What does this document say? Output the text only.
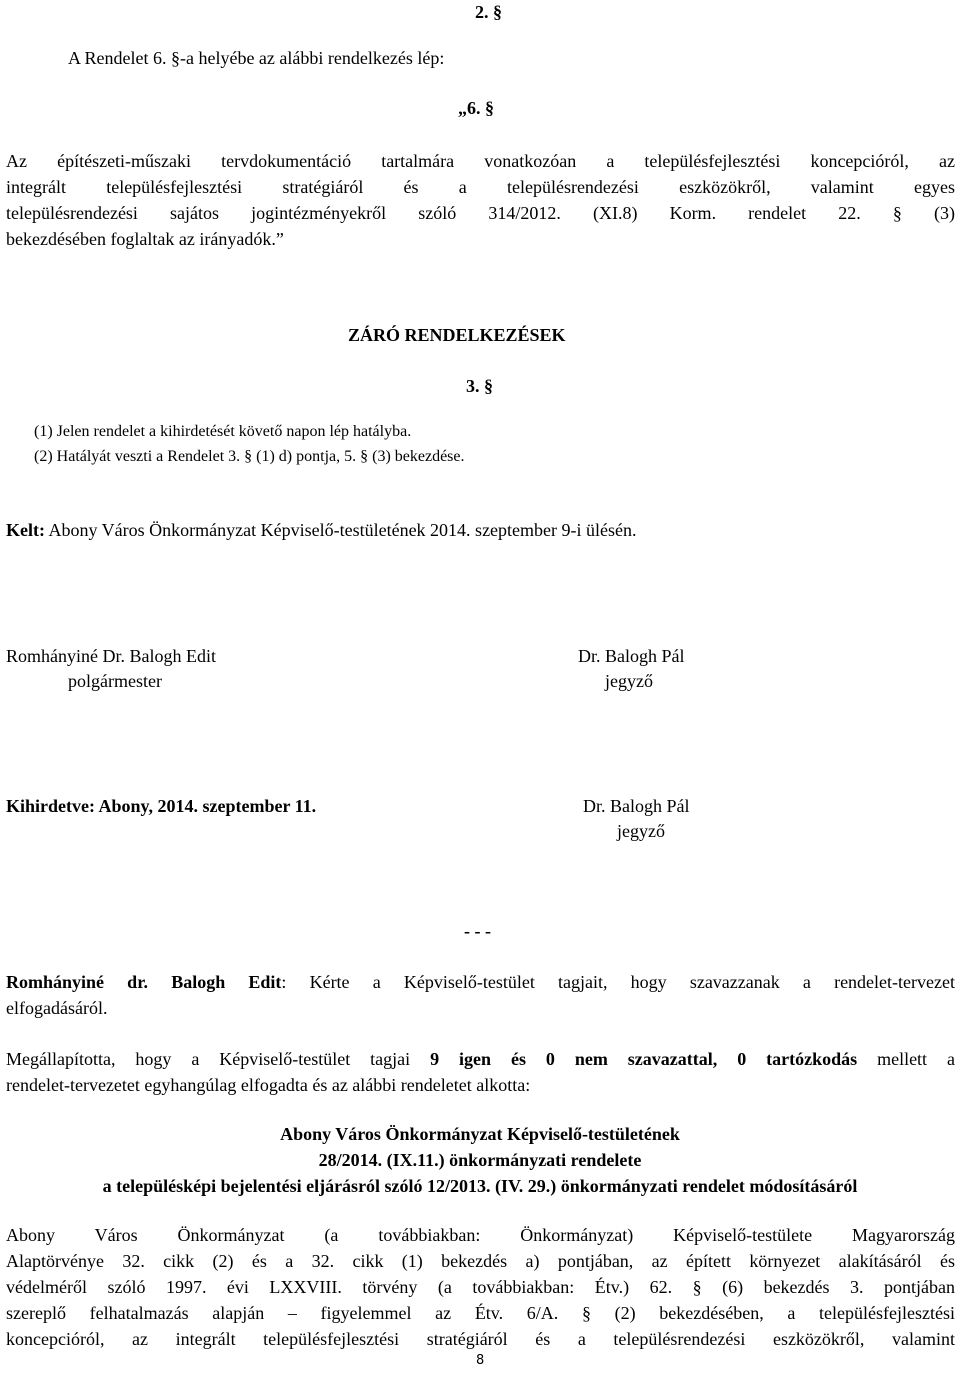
2. §
A Rendelet 6. §-a helyébe az alábbi rendelkezés lép:
„6. §
Az építészeti-műszaki tervdokumentáció tartalmára vonatkozóan a településfejlesztési koncepcióról, az
integrált településfejlesztési stratégiáról és a településrendezési eszközökről, valamint egyes
településrendezési sajátos jogintézményekről szóló 314/2012. (XI.8) Korm. rendelet 22. § (3)
bekezdésében foglaltak az irányadók.”
ZÁRÓ RENDELKEZÉSEK
3. §
(1) Jelen rendelet a kihirdetését követő napon lép hatályba.
(2) Hatályát veszti a Rendelet 3. § (1) d) pontja, 5. § (3) bekezdése.
Kelt: Abony Város Önkormányzat Képviselő-testületének 2014. szeptember 9-i ülésén.
Romhányiné Dr. Balogh Edit
polgármester
Dr. Balogh Pál
jegyző
Kihirdetve: Abony, 2014. szeptember 11.	Dr. Balogh Pál
jegyző
- - -
Romhányiné dr. Balogh Edit: Kérte a Képviselő-testület tagjait, hogy szavazzanak a rendelet-tervezet
elfogadásáról.
Megállapította, hogy a Képviselő-testület tagjai 9 igen és 0 nem szavazattal, 0 tartózkodás mellett a
rendelet-tervezetet egyhangúlag elfogadta és az alábbi rendeletet alkotta:
Abony Város Önkormányzat Képviselő-testületének
28/2014. (IX.11.) önkormányzati rendelete
a településképi bejelentési eljárásról szóló 12/2013. (IV. 29.) önkormányzati rendelet módosításáról
Abony Város Önkormányzat (a továbbiakban: Önkormányzat) Képviselő-testülete Magyarország
Alaptörvénye 32. cikk (2) és a 32. cikk (1) bekezdés a) pontjában, az épített környezet alakításáról és
védelméről szóló 1997. évi LXXVIII. törvény (a továbbiakban: Étv.) 62. § (6) bekezdés 3. pontjában
szereplő felhatalmazás alapján – figyelemmel az Étv. 6/A. § (2) bekezdésében, a településfejlesztési
koncepcióról, az integrált településfejlesztési stratégiáról és a településrendezési eszközökről, valamint
8
